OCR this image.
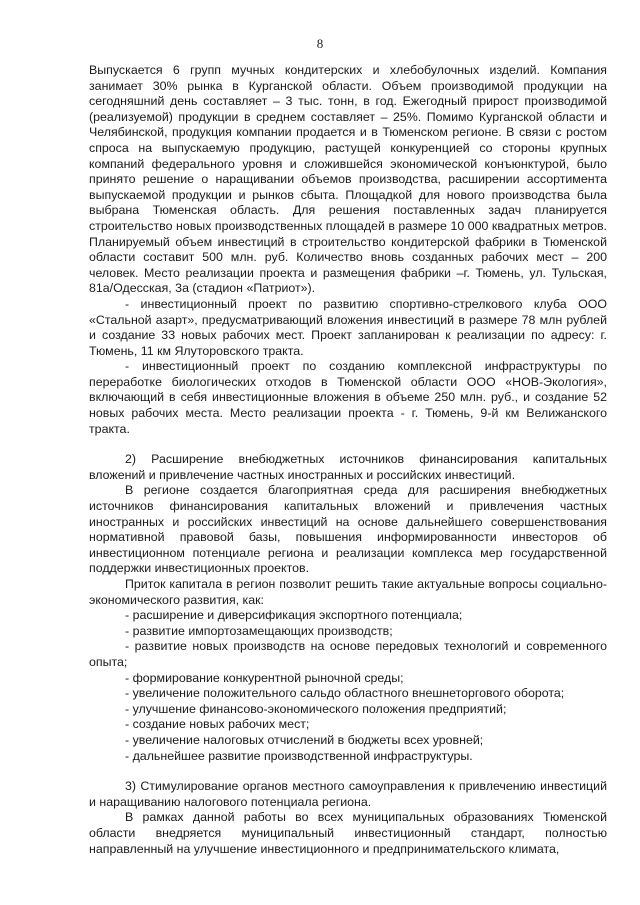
8

Выпускается 6 групп мучных кондитерских и хлебобулочных изделий. Компания занимает 30% рынка в Курганской области. Объем производимой продукции на сегодняшний день составляет – 3 тыс. тонн, в год. Ежегодный прирост производимой (реализуемой) продукции в среднем составляет – 25%. Помимо Курганской области и Челябинской, продукция компании продается и в Тюменском регионе. В связи с ростом спроса на выпускаемую продукцию, растущей конкуренцией со стороны крупных компаний федерального уровня и сложившейся экономической конъюнктурой, было принято решение о наращивании объемов производства, расширении ассортимента выпускаемой продукции и рынков сбыта. Площадкой для нового производства была выбрана Тюменская область. Для решения поставленных задач планируется строительство новых производственных площадей в размере 10 000 квадратных метров. Планируемый объем инвестиций в строительство кондитерской фабрики в Тюменской области составит 500 млн. руб. Количество вновь созданных рабочих мест – 200 человек. Место реализации проекта и размещения фабрики –г. Тюмень, ул. Тульская, 81а/Одесская, 3а (стадион «Патриот»).

- инвестиционный проект по развитию спортивно-стрелкового клуба ООО «Стальной азарт», предусматривающий вложения инвестиций в размере 78 млн рублей и создание 33 новых рабочих мест. Проект запланирован к реализации по адресу: г. Тюмень, 11 км Ялуторовского тракта.

- инвестиционный проект по созданию комплексной инфраструктуры по переработке биологических отходов в Тюменской области ООО «НОВ-Экология», включающий в себя инвестиционные вложения в объеме 250 млн. руб., и создание 52 новых рабочих места. Место реализации проекта - г. Тюмень, 9-й км Велижанского тракта.

2) Расширение внебюджетных источников финансирования капитальных вложений и привлечение частных иностранных и российских инвестиций.

В регионе создается благоприятная среда для расширения внебюджетных источников финансирования капитальных вложений и привлечения частных иностранных и российских инвестиций на основе дальнейшего совершенствования нормативной правовой базы, повышения информированности инвесторов об инвестиционном потенциале региона и реализации комплекса мер государственной поддержки инвестиционных проектов.

Приток капитала в регион позволит решить такие актуальные вопросы социально-экономического развития, как:

- расширение и диверсификация экспортного потенциала;
- развитие импортозамещающих производств;
- развитие новых производств на основе передовых технологий и современного опыта;
- формирование конкурентной рыночной среды;
- увеличение положительного сальдо областного внешнеторгового оборота;
- улучшение финансово-экономического положения предприятий;
- создание новых рабочих мест;
- увеличение налоговых отчислений в бюджеты всех уровней;
- дальнейшее развитие производственной инфраструктуры.

3) Стимулирование органов местного самоуправления к привлечению инвестиций и наращиванию налогового потенциала региона.

В рамках данной работы во всех муниципальных образованиях Тюменской области внедряется муниципальный инвестиционный стандарт, полностью направленный на улучшение инвестиционного и предпринимательского климата,
